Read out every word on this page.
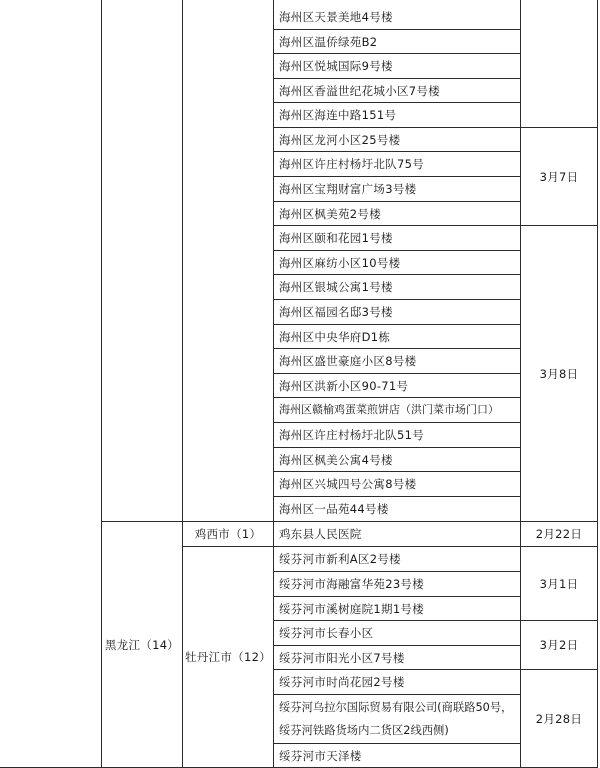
海州区天景美地4号楼
海州区温侨绿苑B2
海州区悦城国际9号楼
海州区香溢世纪花城小区7号楼
海州区海连中路151号
海州区龙河小区25号楼
海州区许庄村杨圩北队75号
海州区宝翔财富广场3号楼
海州区枫美苑2号楼
海州区颐和花园1号楼
海州区麻纺小区10号楼
海州区银城公寓1号楼
海州区福园名邸3号楼
海州区中央华府D1栋
海州区盛世豪庭小区8号楼
海州区洪新小区90-71号
海州区赣榆鸡蛋菜煎饼店（洪门菜市场门口）
海州区许庄村杨圩北队51号
海州区枫美公寓4号楼
海州区兴城四号公寓8号楼
海州区一品苑44号楼
3月7日
3月8日
黑龙江（14）
鸡西市（1）
牡丹江市（12）
鸡东县人民医院
绥芬河市新利A区2号楼
绥芬河市海融富华苑23号楼
绥芬河市溪树庭院1期1号楼
绥芬河市长春小区
绥芬河市阳光小区7号楼
绥芬河市时尚花园2号楼
绥芬河乌拉尔国际贸易有限公司(商联路50号，绥芬河铁路货场内二货区2线西侧)
绥芬河市天泽楼
2月22日
3月1日
3月2日
2月28日
